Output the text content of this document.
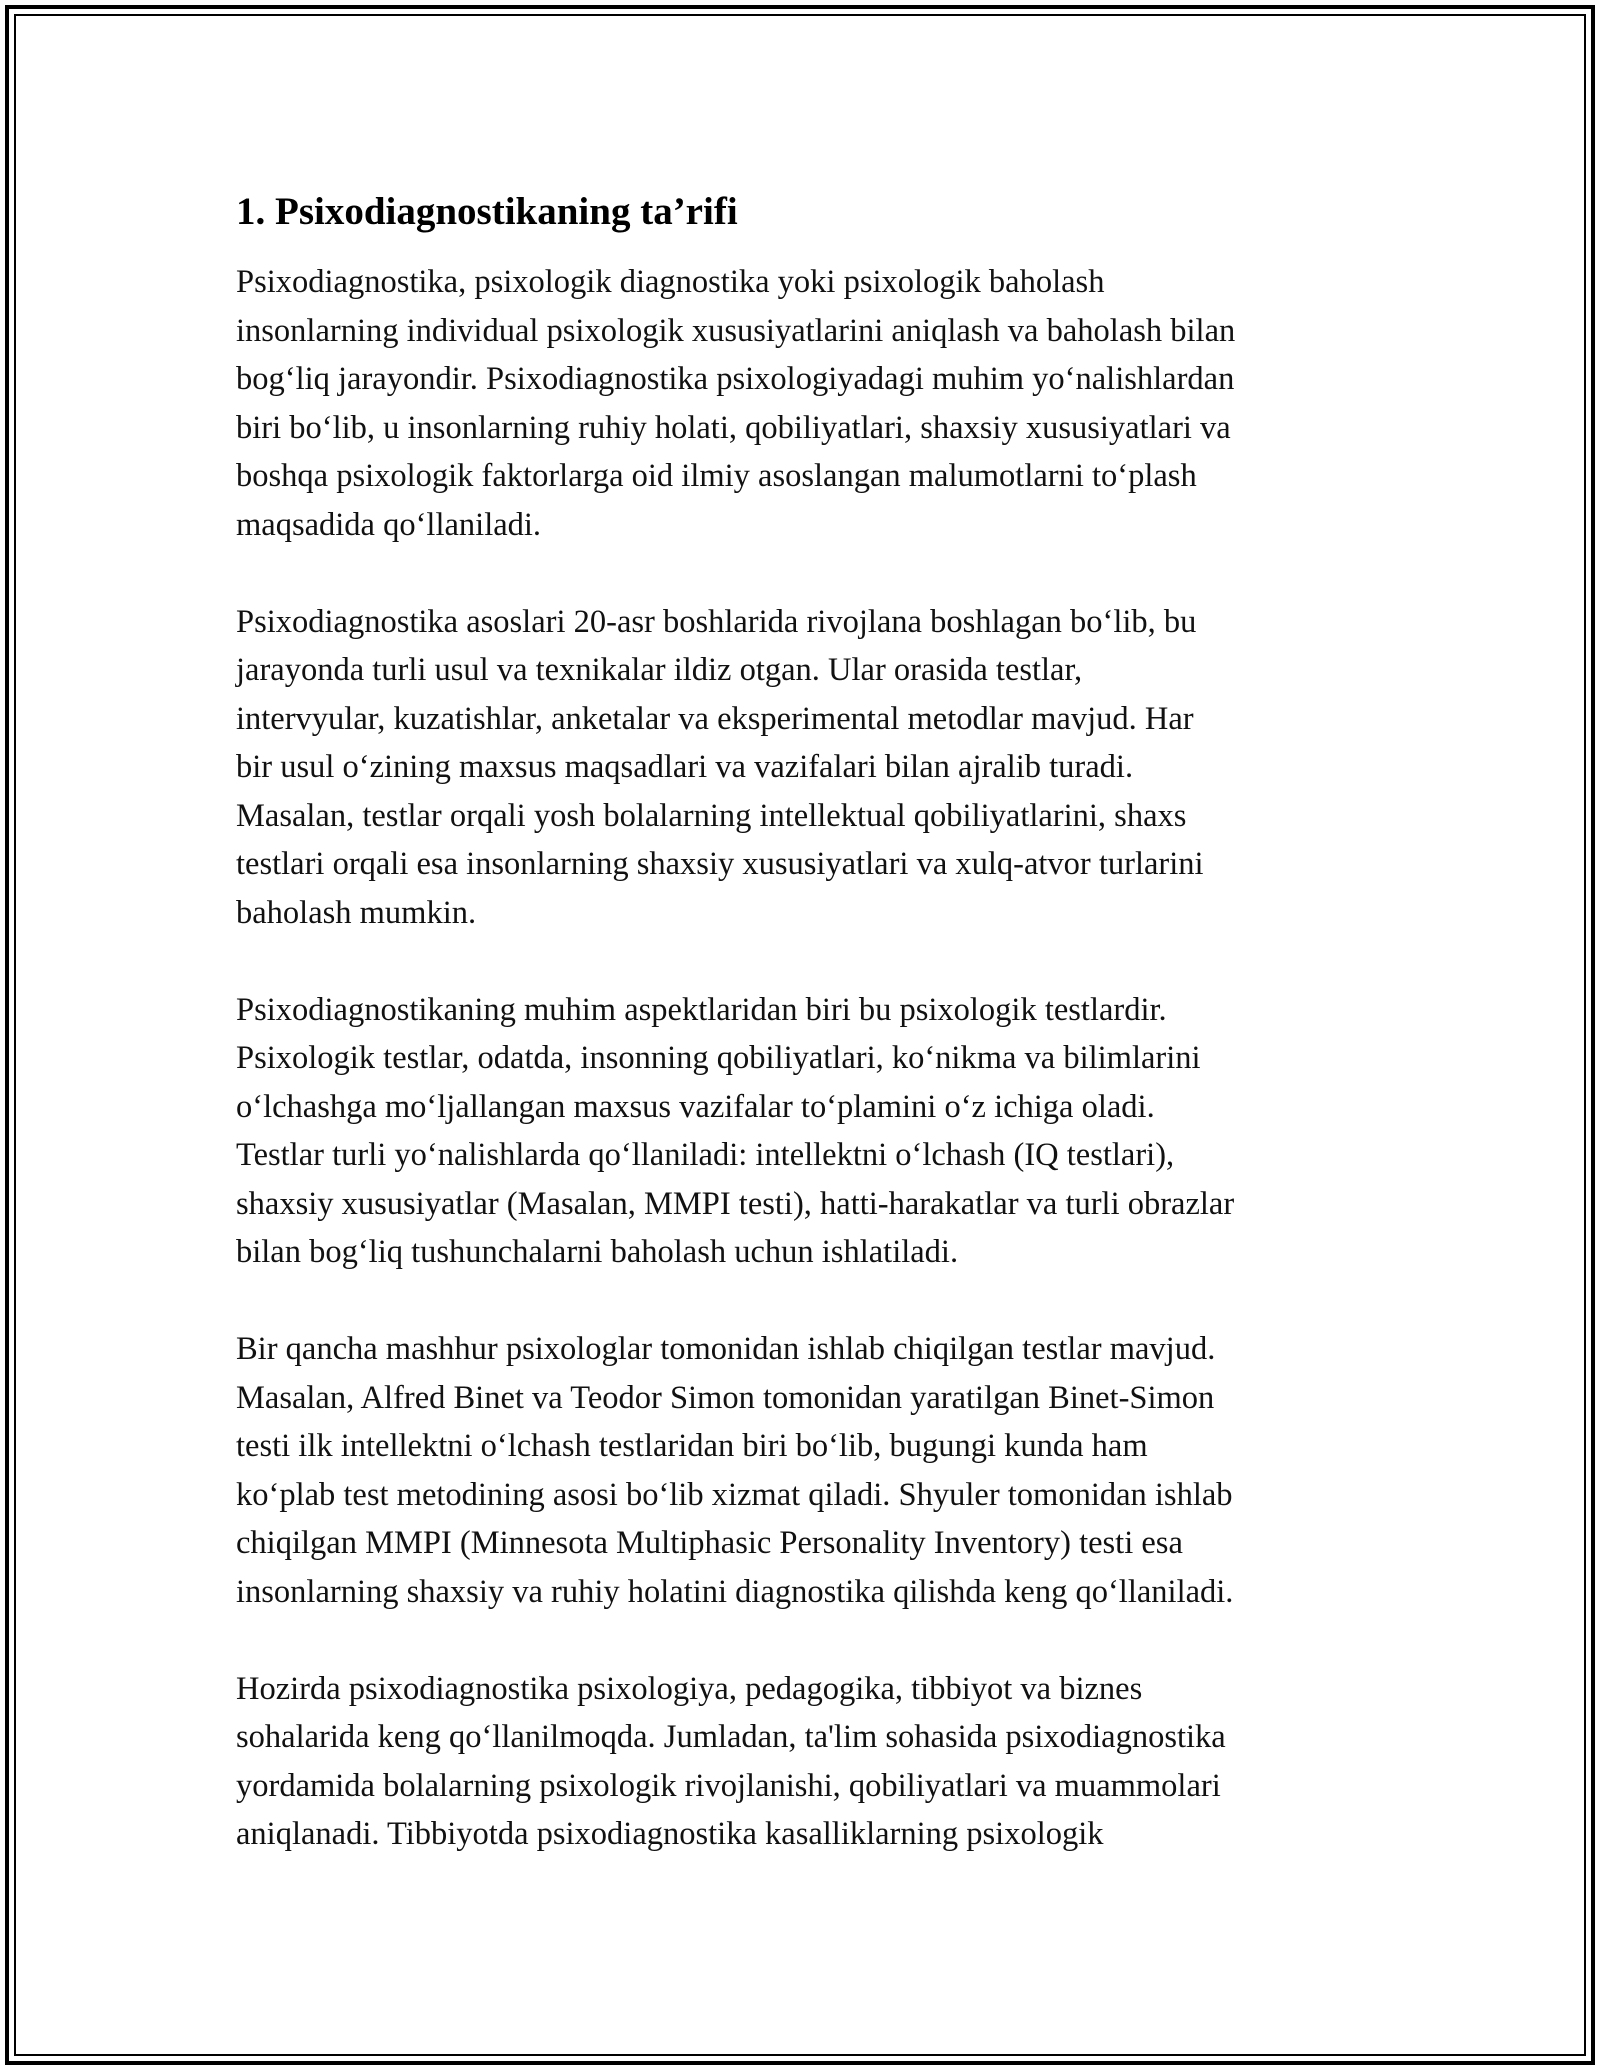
1. Psixodiagnostikaning ta’rifi

Psixodiagnostika, psixologik diagnostika yoki psixologik baholash
insonlarning individual psixologik xususiyatlarini aniqlash va baholash bilan
bog‘liq jarayondir. Psixodiagnostika psixologiyadagi muhim yo‘nalishlardan
biri bo‘lib, u insonlarning ruhiy holati, qobiliyatlari, shaxsiy xususiyatlari va
boshqa psixologik faktorlarga oid ilmiy asoslangan malumotlarni to‘plash
maqsadida qo‘llaniladi.

Psixodiagnostika asoslari 20-asr boshlarida rivojlana boshlagan bo‘lib, bu
jarayonda turli usul va texnikalar ildiz otgan. Ular orasida testlar,
intervyular, kuzatishlar, anketalar va eksperimental metodlar mavjud. Har
bir usul o‘zining maxsus maqsadlari va vazifalari bilan ajralib turadi.
Masalan, testlar orqali yosh bolalarning intellektual qobiliyatlarini, shaxs
testlari orqali esa insonlarning shaxsiy xususiyatlari va xulq-atvor turlarini
baholash mumkin.

Psixodiagnostikaning muhim aspektlaridan biri bu psixologik testlardir.
Psixologik testlar, odatda, insonning qobiliyatlari, ko‘nikma va bilimlarini
o‘lchashga mo‘ljallangan maxsus vazifalar to‘plamini o‘z ichiga oladi.
Testlar turli yo‘nalishlarda qo‘llaniladi: intellektni o‘lchash (IQ testlari),
shaxsiy xususiyatlar (Masalan, MMPI testi), hatti-harakatlar va turli obrazlar
bilan bog‘liq tushunchalarni baholash uchun ishlatiladi.

Bir qancha mashhur psixologlar tomonidan ishlab chiqilgan testlar mavjud.
Masalan, Alfred Binet va Teodor Simon tomonidan yaratilgan Binet-Simon
testi ilk intellektni o‘lchash testlaridan biri bo‘lib, bugungi kunda ham
ko‘plab test metodining asosi bo‘lib xizmat qiladi. Shyuler tomonidan ishlab
chiqilgan MMPI (Minnesota Multiphasic Personality Inventory) testi esa
insonlarning shaxsiy va ruhiy holatini diagnostika qilishda keng qo‘llaniladi.

Hozirda psixodiagnostika psixologiya, pedagogika, tibbiyot va biznes
sohalarida keng qo‘llanilmoqda. Jumladan, ta'lim sohasida psixodiagnostika
yordamida bolalarning psixologik rivojlanishi, qobiliyatlari va muammolari
aniqlanadi. Tibbiyotda psixodiagnostika kasalliklarning psixologik
